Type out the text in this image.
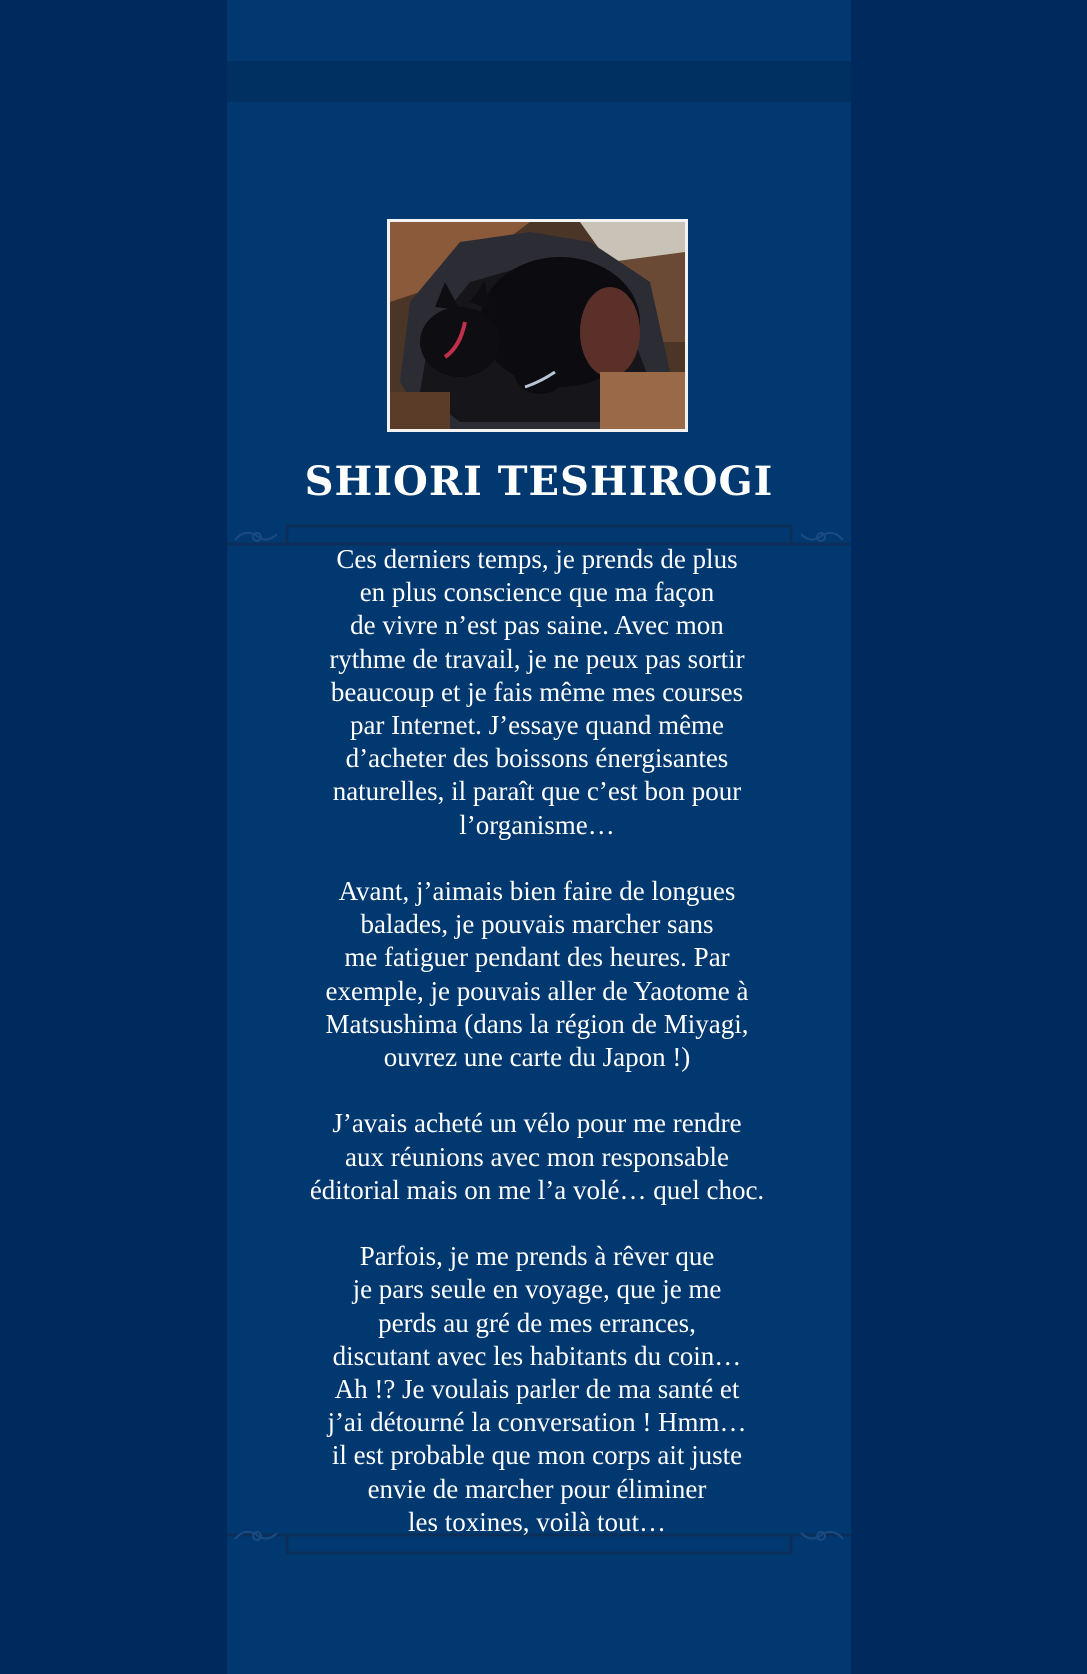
SHIORI TESHIROGI

Ces derniers temps, je prends de plus
en plus conscience que ma façon
de vivre n’est pas saine. Avec mon
rythme de travail, je ne peux pas sortir
beaucoup et je fais même mes courses
par Internet. J’essaye quand même
d’acheter des boissons énergisantes
naturelles, il paraît que c’est bon pour
l’organisme…

Avant, j’aimais bien faire de longues
balades, je pouvais marcher sans
me fatiguer pendant des heures. Par
exemple, je pouvais aller de Yaotome à
Matsushima (dans la région de Miyagi,
ouvrez une carte du Japon !)

J’avais acheté un vélo pour me rendre
aux réunions avec mon responsable
éditorial mais on me l’a volé… quel choc.

Parfois, je me prends à rêver que
je pars seule en voyage, que je me
perds au gré de mes errances,
discutant avec les habitants du coin…
Ah !? Je voulais parler de ma santé et
j’ai détourné la conversation ! Hmm…
il est probable que mon corps ait juste
envie de marcher pour éliminer
les toxines, voilà tout…
